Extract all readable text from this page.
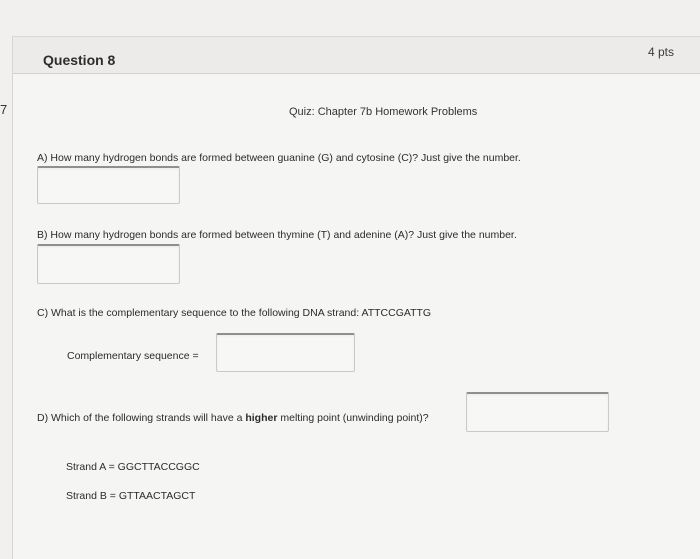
Question 8	4 pts
7	Quiz: Chapter 7b Homework Problems
A) How many hydrogen bonds are formed between guanine (G) and cytosine (C)? Just give the number.
B) How many hydrogen bonds are formed between thymine (T) and adenine (A)? Just give the number.
C) What is the complementary sequence to the following DNA strand: ATTCCGATTG
Complementary sequence =
D) Which of the following strands will have a higher melting point (unwinding point)?
Strand A = GGCTTACCGGC
Strand B = GTTAACTAGCT
